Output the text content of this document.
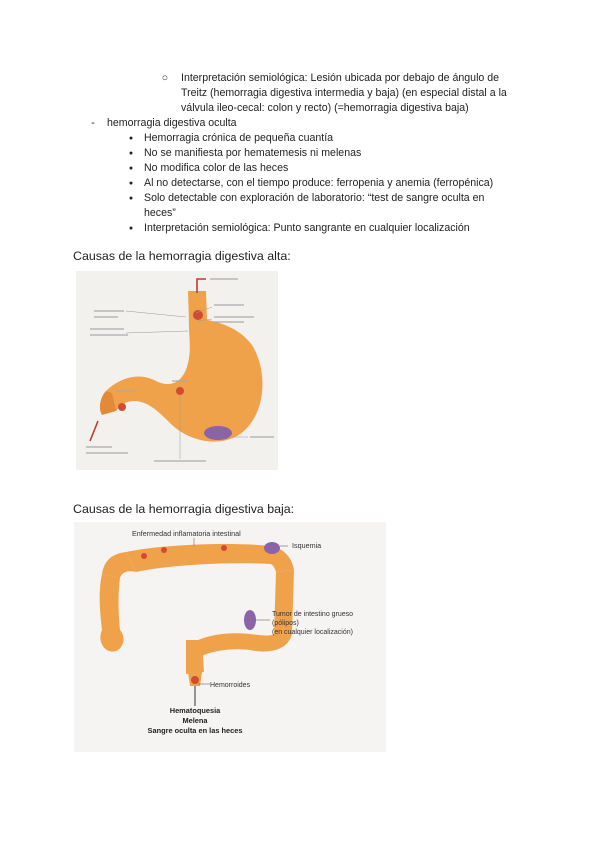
○ Interpretación semiológica: Lesión ubicada por debajo de ángulo de
Treitz (hemorragia digestiva intermedia y baja) (en especial distal a la
válvula ileo-cecal: colon y recto) (=hemorragia digestiva baja)
- hemorragia digestiva oculta
● Hemorragia crónica de pequeña cuantía
● No se manifiesta por hematemesis ni melenas
● No modifica color de las heces
● Al no detectarse, con el tiempo produce: ferropenia y anemia (ferropénica)
● Solo detectable con exploración de laboratorio: “test de sangre oculta en
heces”
● Interpretación semiológica: Punto sangrante en cualquier localización
Causas de la hemorragia digestiva alta:
Causas de la hemorragia digestiva baja:
Enfermedad inflamatoria intestinal
Isquemia
Tumor de intestino grueso
(pólipos)
(en cualquier localización)
Hemorroides
Hematoquesia
Melena
Sangre oculta en las heces
